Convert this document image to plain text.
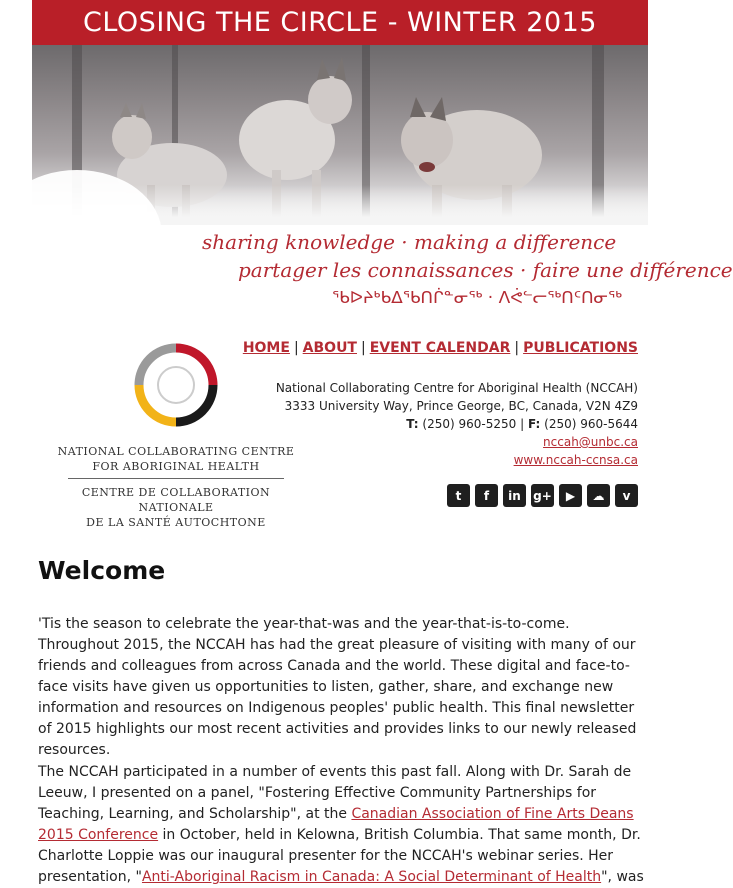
CLOSING THE CIRCLE - WINTER 2015
sharing knowledge · making a difference
partager les connaissances · faire une différence
ᖃᐅᔨᒃᑲᐃᖃᑎᒌᓐᓂᖅ · ᐱᕚᓪᓕᖅᑎᑦᑎᓂᖅ
NATIONAL COLLABORATING CENTRE
FOR ABORIGINAL HEALTH
CENTRE DE COLLABORATION NATIONALE
DE LA SANTÉ AUTOCHTONE
HOME | ABOUT | EVENT CALENDAR | PUBLICATIONS
National Collaborating Centre for Aboriginal Health (NCCAH)
3333 University Way, Prince George, BC, Canada, V2N 4Z9
T: (250) 960-5250 | F: (250) 960-5644
nccah@unbc.ca
www.nccah-ccnsa.ca
t	f	in	g+	▶	☁	v
Welcome

'Tis the season to celebrate the year-that-was and the year-that-is-to-come. Throughout 2015, the NCCAH has had the great pleasure of visiting with many of our friends and colleagues from across Canada and the world. These digital and face-to-face visits have given us opportunities to listen, gather, share, and exchange new information and resources on Indigenous peoples' public health. This final newsletter of 2015 highlights our most recent activities and provides links to our newly released resources.

The NCCAH participated in a number of events this past fall. Along with Dr. Sarah de Leeuw, I presented on a panel, "Fostering Effective Community Partnerships for Teaching, Learning, and Scholarship", at the Canadian Association of Fine Arts Deans 2015 Conference in October, held in Kelowna, British Columbia. That same month, Dr. Charlotte Loppie was our inaugural presenter for the NCCAH's webinar series. Her presentation, "Anti-Aboriginal Racism in Canada: A Social Determinant of Health", was
